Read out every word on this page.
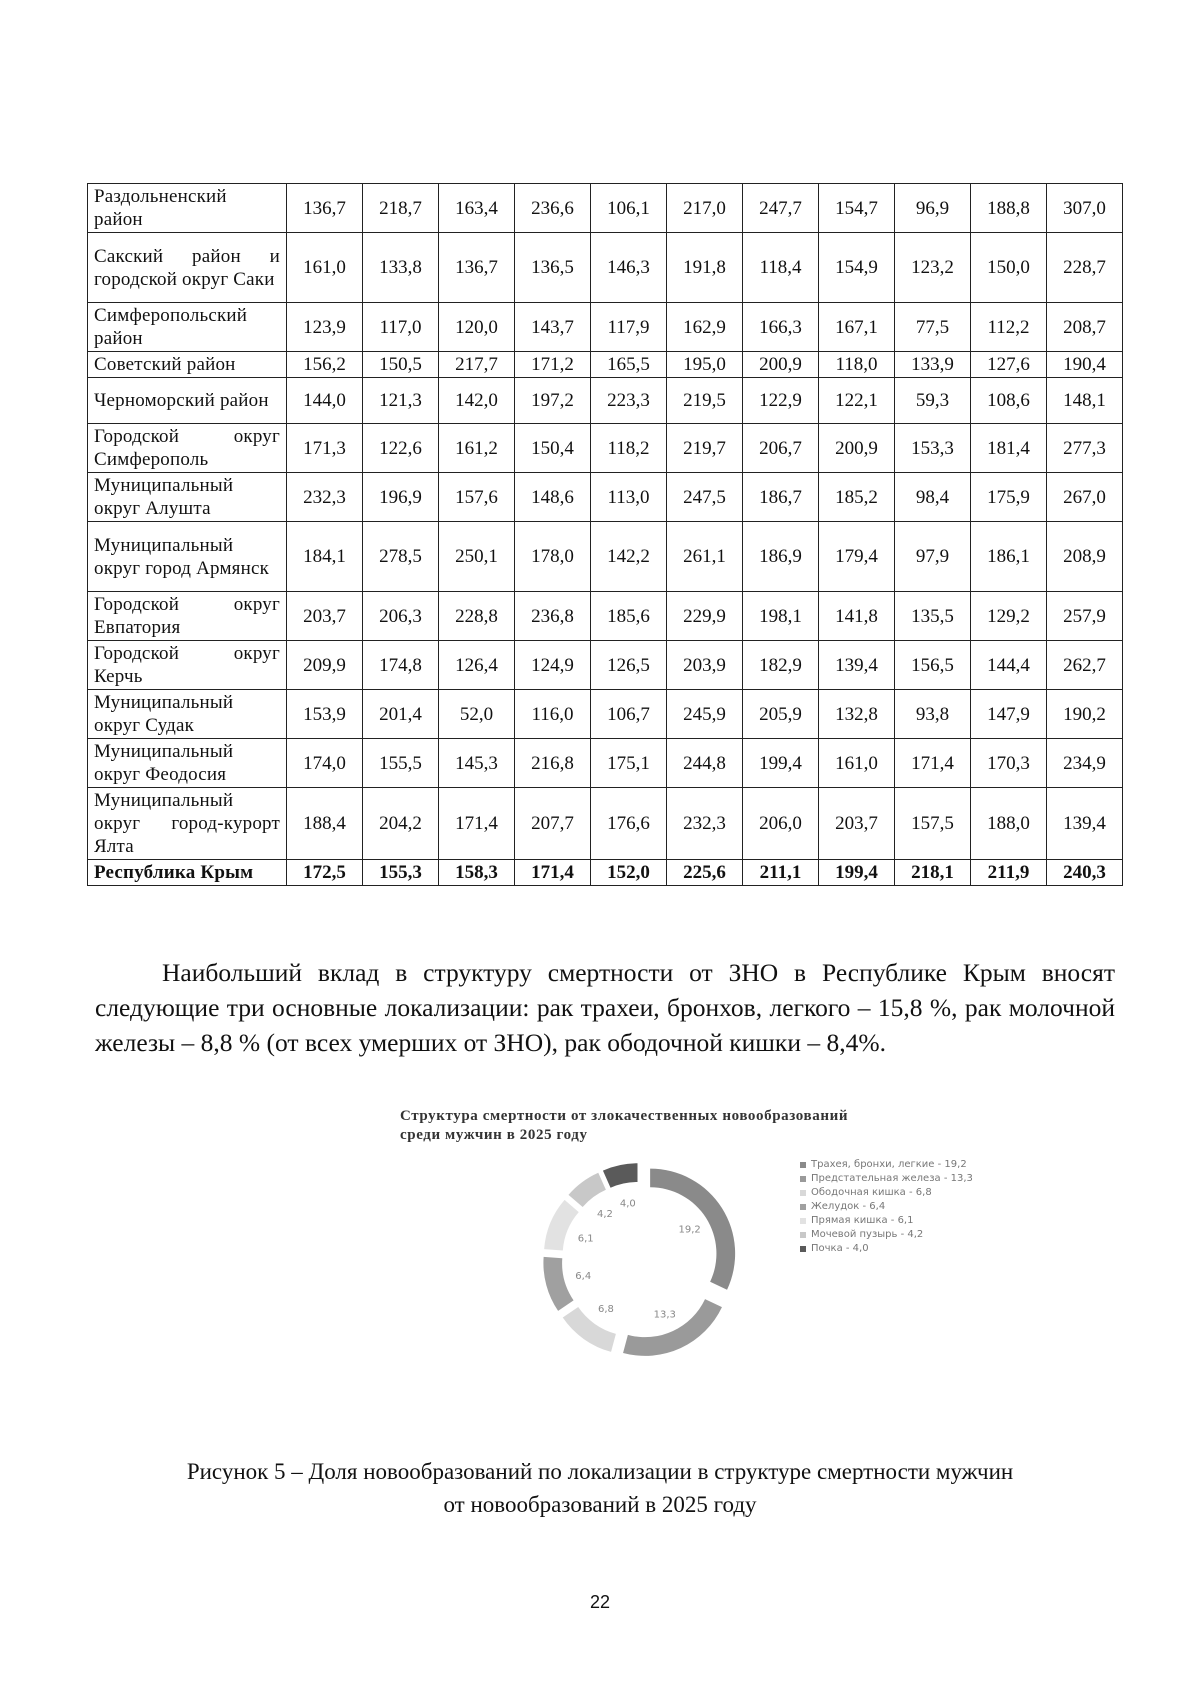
Раздольненский район	136,7	218,7	163,4	236,6	106,1	217,0	247,7	154,7	96,9	188,8	307,0
Сакский район и городской округ Саки	161,0	133,8	136,7	136,5	146,3	191,8	118,4	154,9	123,2	150,0	228,7
Симферопольский район	123,9	117,0	120,0	143,7	117,9	162,9	166,3	167,1	77,5	112,2	208,7
Советский район	156,2	150,5	217,7	171,2	165,5	195,0	200,9	118,0	133,9	127,6	190,4
Черноморский район	144,0	121,3	142,0	197,2	223,3	219,5	122,9	122,1	59,3	108,6	148,1
Городской округ Симферополь	171,3	122,6	161,2	150,4	118,2	219,7	206,7	200,9	153,3	181,4	277,3
Муниципальный округ Алушта	232,3	196,9	157,6	148,6	113,0	247,5	186,7	185,2	98,4	175,9	267,0
Муниципальный округ город Армянск	184,1	278,5	250,1	178,0	142,2	261,1	186,9	179,4	97,9	186,1	208,9
Городской округ Евпатория	203,7	206,3	228,8	236,8	185,6	229,9	198,1	141,8	135,5	129,2	257,9
Городской округ Керчь	209,9	174,8	126,4	124,9	126,5	203,9	182,9	139,4	156,5	144,4	262,7
Муниципальный округ Судак	153,9	201,4	52,0	116,0	106,7	245,9	205,9	132,8	93,8	147,9	190,2
Муниципальный округ Феодосия	174,0	155,5	145,3	216,8	175,1	244,8	199,4	161,0	171,4	170,3	234,9
Муниципальный округ город-курорт Ялта	188,4	204,2	171,4	207,7	176,6	232,3	206,0	203,7	157,5	188,0	139,4
Республика Крым	172,5	155,3	158,3	171,4	152,0	225,6	211,1	199,4	218,1	211,9	240,3
Наибольший вклад в структуру смертности от ЗНО в Республике Крым вносят следующие три основные локализации: рак трахеи, бронхов, легкого – 15,8 %, рак молочной железы – 8,8 % (от всех умерших от ЗНО), рак ободочной кишки – 8,4%.
Структура смертности от злокачественных новообразований среди мужчин в 2025 году
19,2
13,3
6,8
6,4
6,1
4,2
4,0
Трахея, бронхи, легкие - 19,2
Предстательная железа - 13,3
Ободочная кишка - 6,8
Желудок - 6,4
Прямая кишка - 6,1
Мочевой пузырь - 4,2
Почка - 4,0
Рисунок 5 – Доля новообразований по локализации в структуре смертности мужчин
от новообразований в 2025 году
22
